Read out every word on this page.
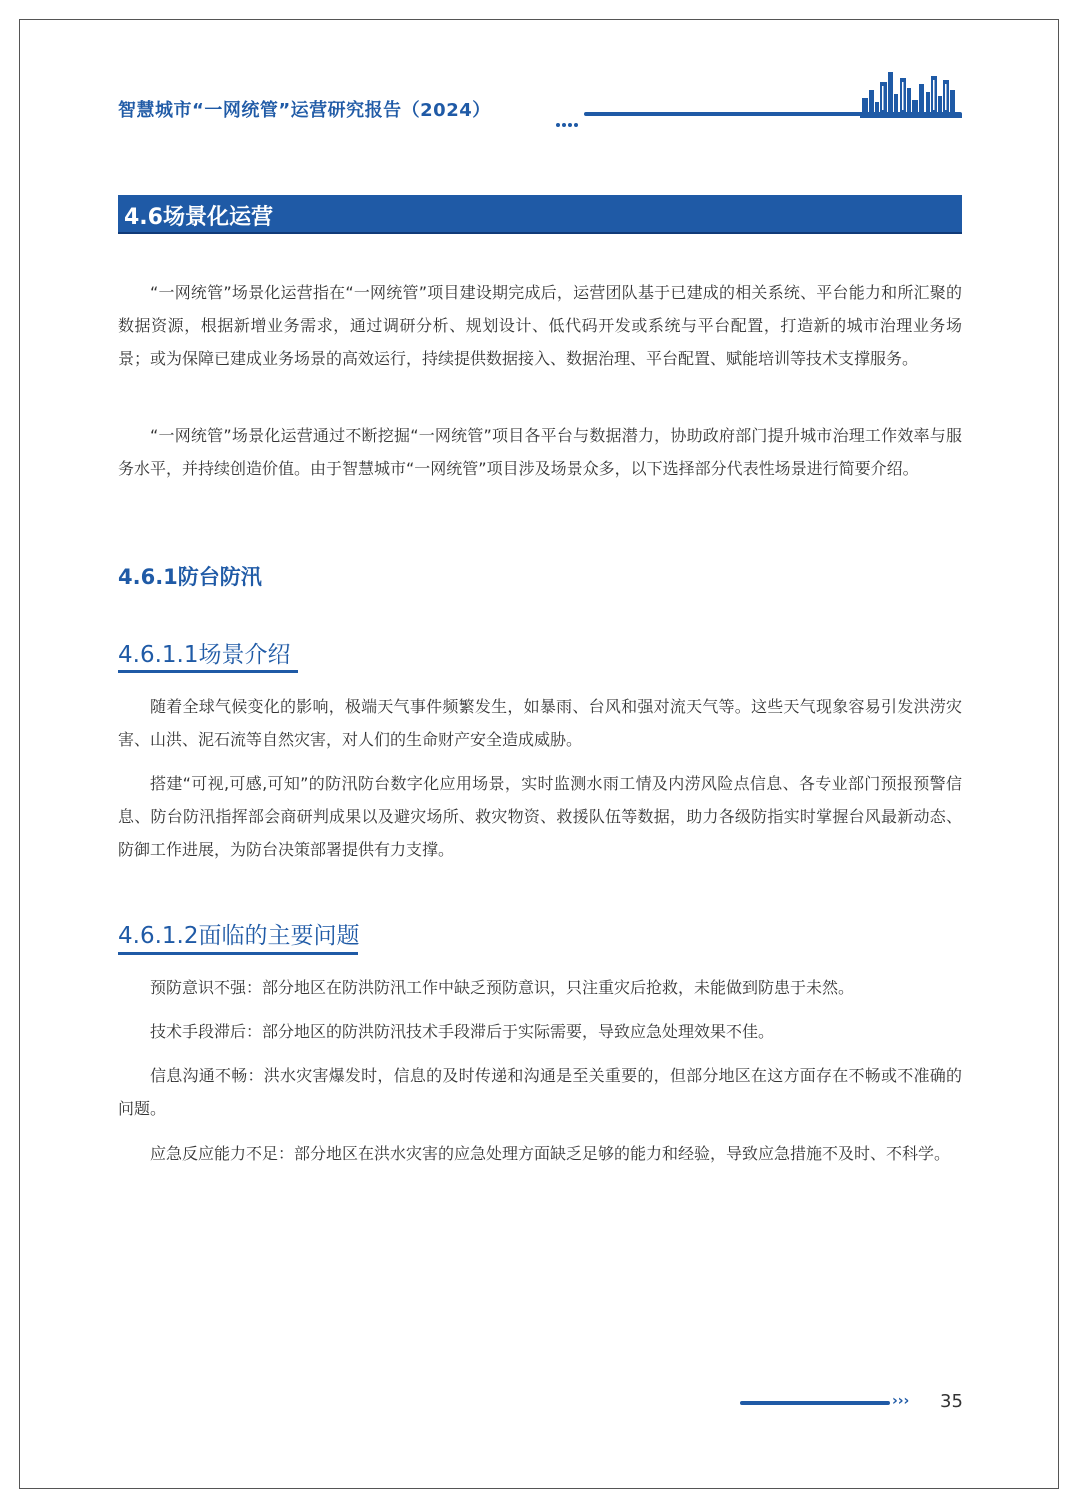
智慧城市“一网统管”运营研究报告（2024）
4.6场景化运营

“一网统管”场景化运营指在“一网统管”项目建设期完成后，运营团队基于已建成的相关系统、平台能力和所汇聚的数据资源，根据新增业务需求，通过调研分析、规划设计、低代码开发或系统与平台配置，打造新的城市治理业务场景；或为保障已建成业务场景的高效运行，持续提供数据接入、数据治理、平台配置、赋能培训等技术支撑服务。

“一网统管”场景化运营通过不断挖掘“一网统管”项目各平台与数据潜力，协助政府部门提升城市治理工作效率与服务水平，并持续创造价值。由于智慧城市“一网统管”项目涉及场景众多，以下选择部分代表性场景进行简要介绍。

4.6.1防台防汛
4.6.1.1场景介绍

随着全球气候变化的影响，极端天气事件频繁发生，如暴雨、台风和强对流天气等。这些天气现象容易引发洪涝灾害、山洪、泥石流等自然灾害，对人们的生命财产安全造成威胁。

搭建“可视,可感,可知”的防汛防台数字化应用场景，实时监测水雨工情及内涝风险点信息、各专业部门预报预警信息、防台防汛指挥部会商研判成果以及避灾场所、救灾物资、救援队伍等数据，助力各级防指实时掌握台风最新动态、防御工作进展，为防台决策部署提供有力支撑。

4.6.1.2面临的主要问题

预防意识不强：部分地区在防洪防汛工作中缺乏预防意识，只注重灾后抢救，未能做到防患于未然。

技术手段滞后：部分地区的防洪防汛技术手段滞后于实际需要，导致应急处理效果不佳。

信息沟通不畅：洪水灾害爆发时，信息的及时传递和沟通是至关重要的，但部分地区在这方面存在不畅或不准确的问题。

应急反应能力不足：部分地区在洪水灾害的应急处理方面缺乏足够的能力和经验，导致应急措施不及时、不科学。

››› 35
